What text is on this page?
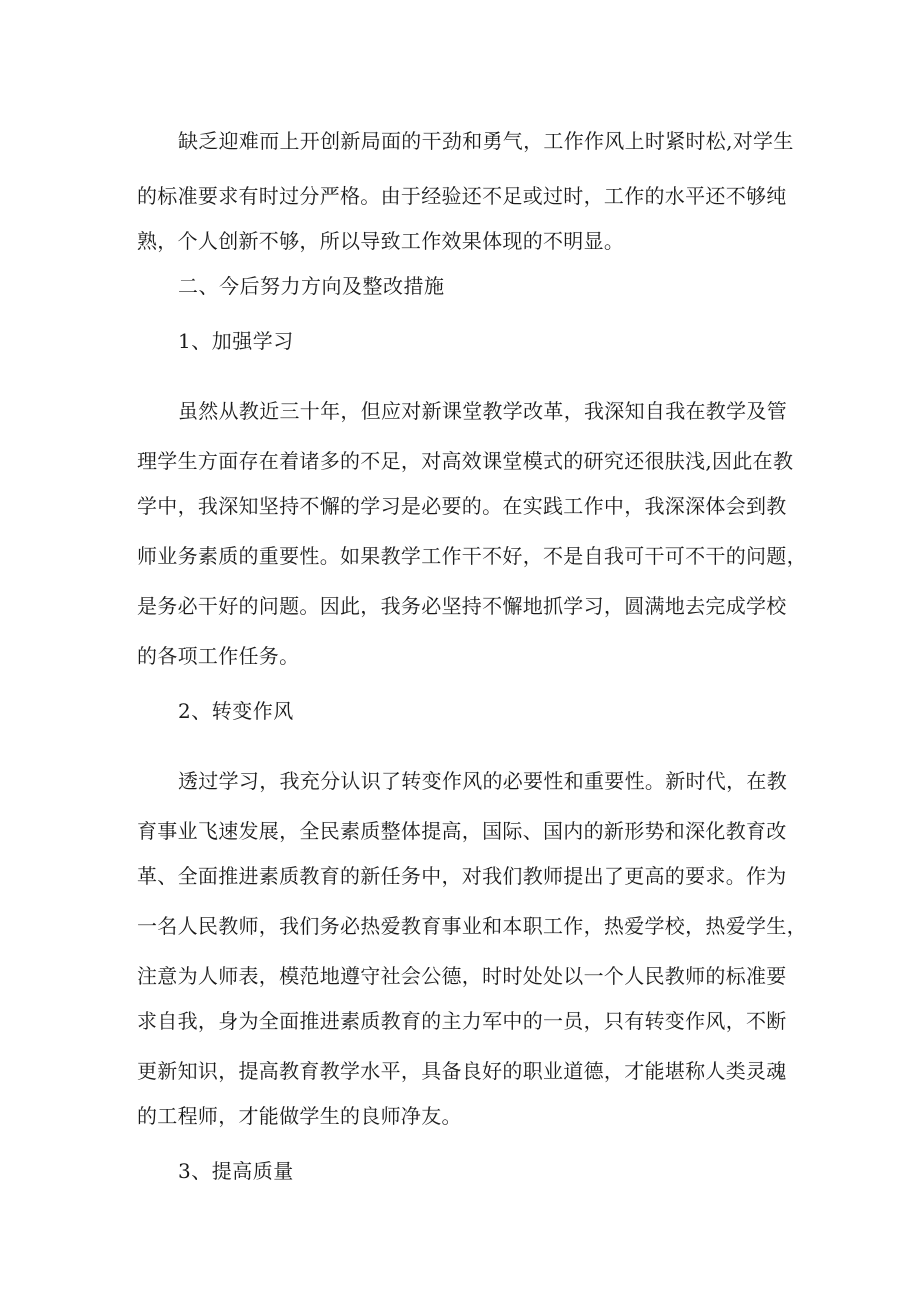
缺乏迎难而上开创新局面的干劲和勇气，工作作风上时紧时松,对学生

的标准要求有时过分严格。由于经验还不足或过时，工作的水平还不够纯

熟，个人创新不够，所以导致工作效果体现的不明显。

二、今后努力方向及整改措施

1、加强学习

虽然从教近三十年，但应对新课堂教学改革，我深知自我在教学及管

理学生方面存在着诸多的不足，对高效课堂模式的研究还很肤浅,因此在教

学中，我深知坚持不懈的学习是必要的。在实践工作中，我深深体会到教

师业务素质的重要性。如果教学工作干不好，不是自我可干可不干的问题，

是务必干好的问题。因此，我务必坚持不懈地抓学习，圆满地去完成学校

的各项工作任务。

2、转变作风

透过学习，我充分认识了转变作风的必要性和重要性。新时代，在教

育事业飞速发展，全民素质整体提高，国际、国内的新形势和深化教育改

革、全面推进素质教育的新任务中，对我们教师提出了更高的要求。作为

一名人民教师，我们务必热爱教育事业和本职工作，热爱学校，热爱学生，

注意为人师表，模范地遵守社会公德，时时处处以一个人民教师的标准要

求自我，身为全面推进素质教育的主力军中的一员，只有转变作风，不断

更新知识，提高教育教学水平，具备良好的职业道德，才能堪称人类灵魂

的工程师，才能做学生的良师净友。

3、提高质量
